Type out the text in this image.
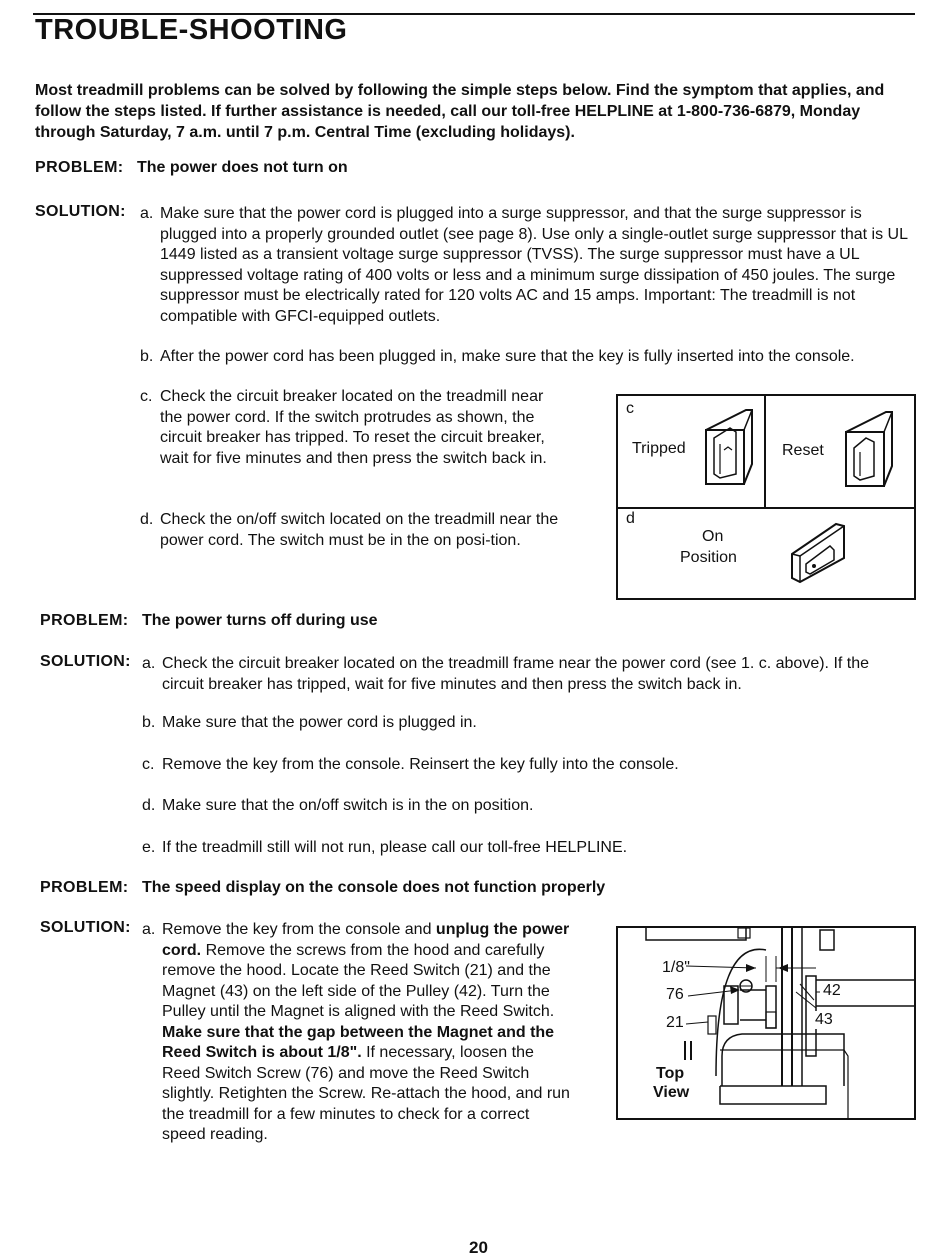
TROUBLE-SHOOTING
Most treadmill problems can be solved by following the simple steps below. Find the symptom that applies, and follow the steps listed. If further assistance is needed, call our toll-free HELPLINE at 1-800-736-6879, Monday through Saturday, 7 a.m. until 7 p.m. Central Time (excluding holidays).
PROBLEM: The power does not turn on
SOLUTION: a. Make sure that the power cord is plugged into a surge suppressor, and that the surge suppressor is plugged into a properly grounded outlet (see page 8). Use only a single-outlet surge suppressor that is UL 1449 listed as a transient voltage surge suppressor (TVSS). The surge suppressor must have a UL suppressed voltage rating of 400 volts or less and a minimum surge dissipation of 450 joules. The surge suppressor must be electrically rated for 120 volts AC and 15 amps. Important: The treadmill is not compatible with GFCI-equipped outlets.
b. After the power cord has been plugged in, make sure that the key is fully inserted into the console.
c. Check the circuit breaker located on the treadmill near the power cord. If the switch protrudes as shown, the circuit breaker has tripped. To reset the circuit breaker, wait for five minutes and then press the switch back in.
d. Check the on/off switch located on the treadmill near the power cord. The switch must be in the on posi-tion.
c
Tripped	Reset
d
On
Position
PROBLEM: The power turns off during use
SOLUTION: a. Check the circuit breaker located on the treadmill frame near the power cord (see 1. c. above). If the circuit breaker has tripped, wait for five minutes and then press the switch back in.
b. Make sure that the power cord is plugged in.
c. Remove the key from the console. Reinsert the key fully into the console.
d. Make sure that the on/off switch is in the on position.
e. If the treadmill still will not run, please call our toll-free HELPLINE.
PROBLEM: The speed display on the console does not function properly
SOLUTION: a. Remove the key from the console and unplug the power cord. Remove the screws from the hood and carefully remove the hood. Locate the Reed Switch (21) and the Magnet (43) on the left side of the Pulley (42). Turn the Pulley until the Magnet is aligned with the Reed Switch. Make sure that the gap between the Magnet and the Reed Switch is about 1/8". If necessary, loosen the Reed Switch Screw (76) and move the Reed Switch slightly. Retighten the Screw. Re-attach the hood, and run the treadmill for a few minutes to check for a correct speed reading.
1/8"
76
21
42
43
Top
View
20
